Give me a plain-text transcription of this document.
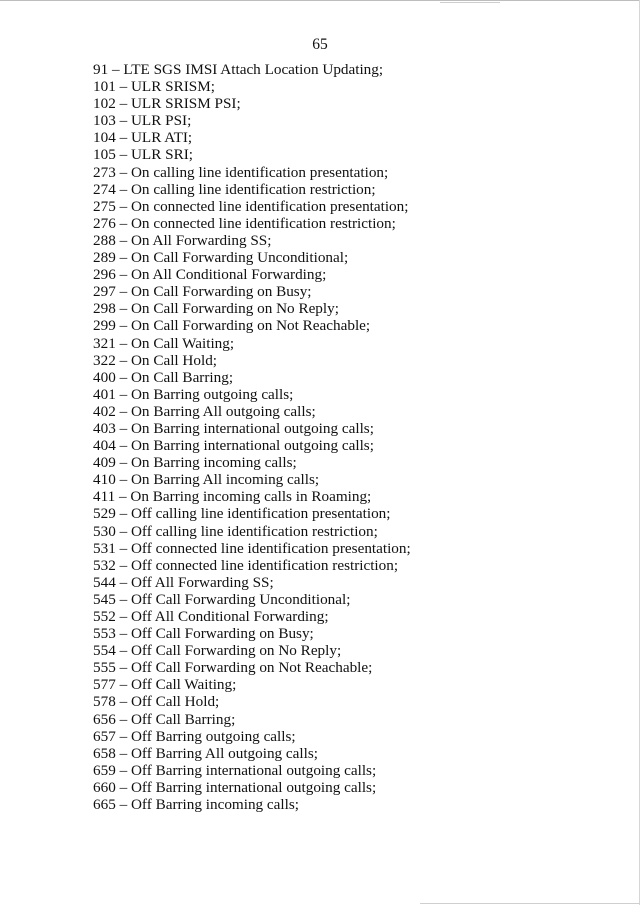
65
91 – LTE SGS IMSI Attach Location Updating;
101 – ULR SRISM;
102 – ULR SRISM PSI;
103 – ULR PSI;
104 – ULR ATI;
105 – ULR SRI;
273 – On calling line identification presentation;
274 – On calling line identification restriction;
275 – On connected line identification presentation;
276 – On connected line identification restriction;
288 – On All Forwarding SS;
289 – On Call Forwarding Unconditional;
296 – On All Conditional Forwarding;
297 – On Call Forwarding on Busy;
298 – On Call Forwarding on No Reply;
299 – On Call Forwarding on Not Reachable;
321 – On Call Waiting;
322 – On Call Hold;
400 – On Call Barring;
401 – On Barring outgoing calls;
402 – On Barring All outgoing calls;
403 – On Barring international outgoing calls;
404 – On Barring international outgoing calls;
409 – On Barring incoming calls;
410 – On Barring All incoming calls;
411 – On Barring incoming calls in Roaming;
529 – Off calling line identification presentation;
530 – Off calling line identification restriction;
531 – Off connected line identification presentation;
532 – Off connected line identification restriction;
544 – Off All Forwarding SS;
545 – Off Call Forwarding Unconditional;
552 – Off All Conditional Forwarding;
553 – Off Call Forwarding on Busy;
554 – Off Call Forwarding on No Reply;
555 – Off Call Forwarding on Not Reachable;
577 – Off Call Waiting;
578 – Off Call Hold;
656 – Off Call Barring;
657 – Off Barring outgoing calls;
658 – Off Barring All outgoing calls;
659 – Off Barring international outgoing calls;
660 – Off Barring international outgoing calls;
665 – Off Barring incoming calls;
